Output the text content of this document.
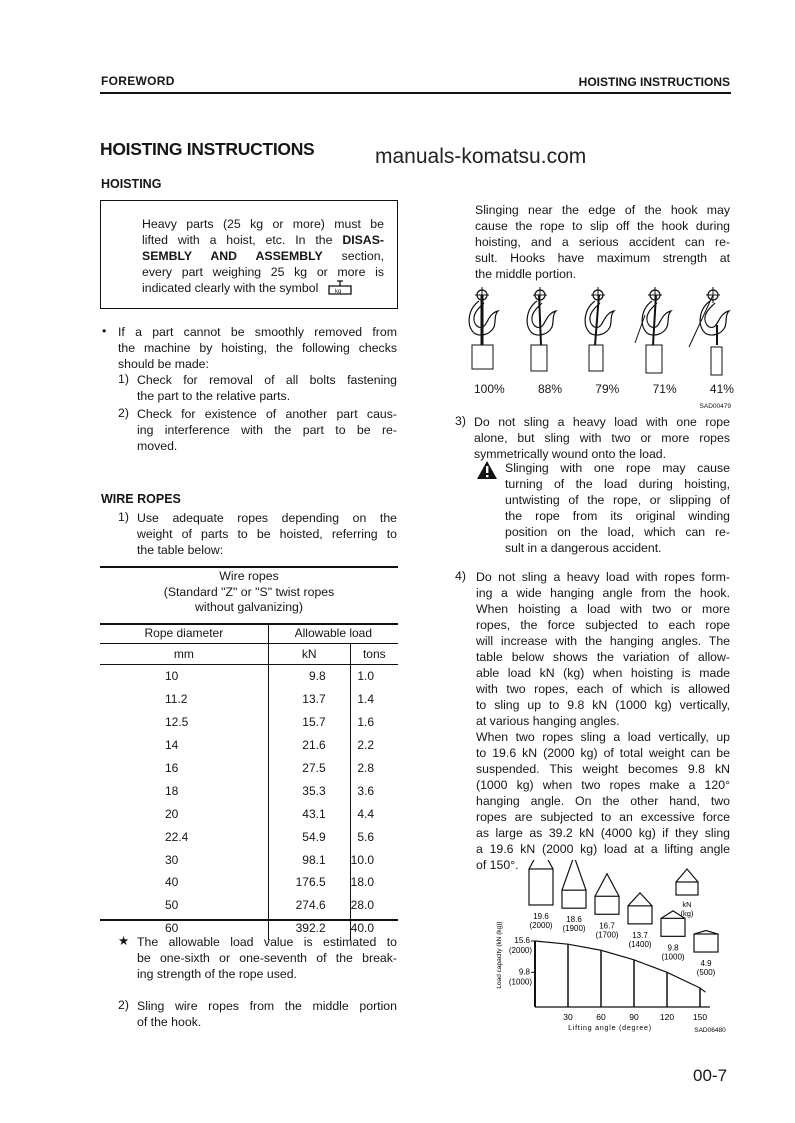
FOREWORD	HOISTING INSTRUCTIONS
HOISTING INSTRUCTIONS	manuals-komatsu.com
HOISTING
Heavy parts (25 kg or more) must be
lifted with a hoist, etc. In the DISAS-
SEMBLY AND ASSEMBLY section,
every part weighing 25 kg or more is
indicated clearly with the symbol	kg
• If a part cannot be smoothly removed from
the machine by hoisting, the following checks
should be made:
1) Check for removal of all bolts fastening
the part to the relative parts.
2) Check for existence of another part caus-
ing interference with the part to be re-
moved.
WIRE ROPES
1) Use adequate ropes depending on the
weight of parts to be hoisted, referring to
the table below:
Wire ropes
(Standard "Z" or "S" twist ropes
without galvanizing)
Rope diameter	Allowable load	
mm	kN	tons
10	9.8	1.0
11.2	13.7	1.4
12.5	15.7	1.6
14	21.6	2.2
16	27.5	2.8
18	35.3	3.6
20	43.1	4.4
22.4	54.9	5.6
30	98.1	10.0
40	176.5	18.0
50	274.6	28.0
60	392.2	40.0
★ The allowable load value is estimated to
be one-sixth or one-seventh of the break-
ing strength of the rope used.
2) Sling wire ropes from the middle portion
of the hook.
Slinging near the edge of the hook may
cause the rope to slip off the hook during
hoisting, and a serious accident can re-
sult. Hooks have maximum strength at
the middle portion.
100%	88%	79%	71%	41%
SAD00479
3) Do not sling a heavy load with one rope
alone, but sling with two or more ropes
symmetrically wound onto the load.
Slinging with one rope may cause
turning of the load during hoisting,
untwisting of the rope, or slipping of
the rope from its original winding
position on the load, which can re-
sult in a dangerous accident.
4) Do not sling a heavy load with ropes form-
ing a wide hanging angle from the hook.
When hoisting a load with two or more
ropes, the force subjected to each rope
will increase with the hanging angles. The
table below shows the variation of allow-
able load kN (kg) when hoisting is made
with two ropes, each of which is allowed
to sling up to 9.8 kN (1000 kg) vertically,
at various hanging angles.
When two ropes sling a load vertically, up
to 19.6 kN (2000 kg) of total weight can be
suspended. This weight becomes 9.8 kN
(1000 kg) when two ropes make a 120°
hanging angle. On the other hand, two
ropes are subjected to an excessive force
as large as 39.2 kN (4000 kg) if they sling
a 19.6 kN (2000 kg) load at a lifting angle
of 150°.
19.6
(2000)
18.6
(1900) 16.7
(1700) 13.7
(1400) 9.8
(1000)
4.9
(500)
30	60	90 120 150
15.6
(2000)
9.8
(1000)
Lifting angle (degree)
Load capacity (kN (kg))
SAD06480
kN
(kg)
00-7
